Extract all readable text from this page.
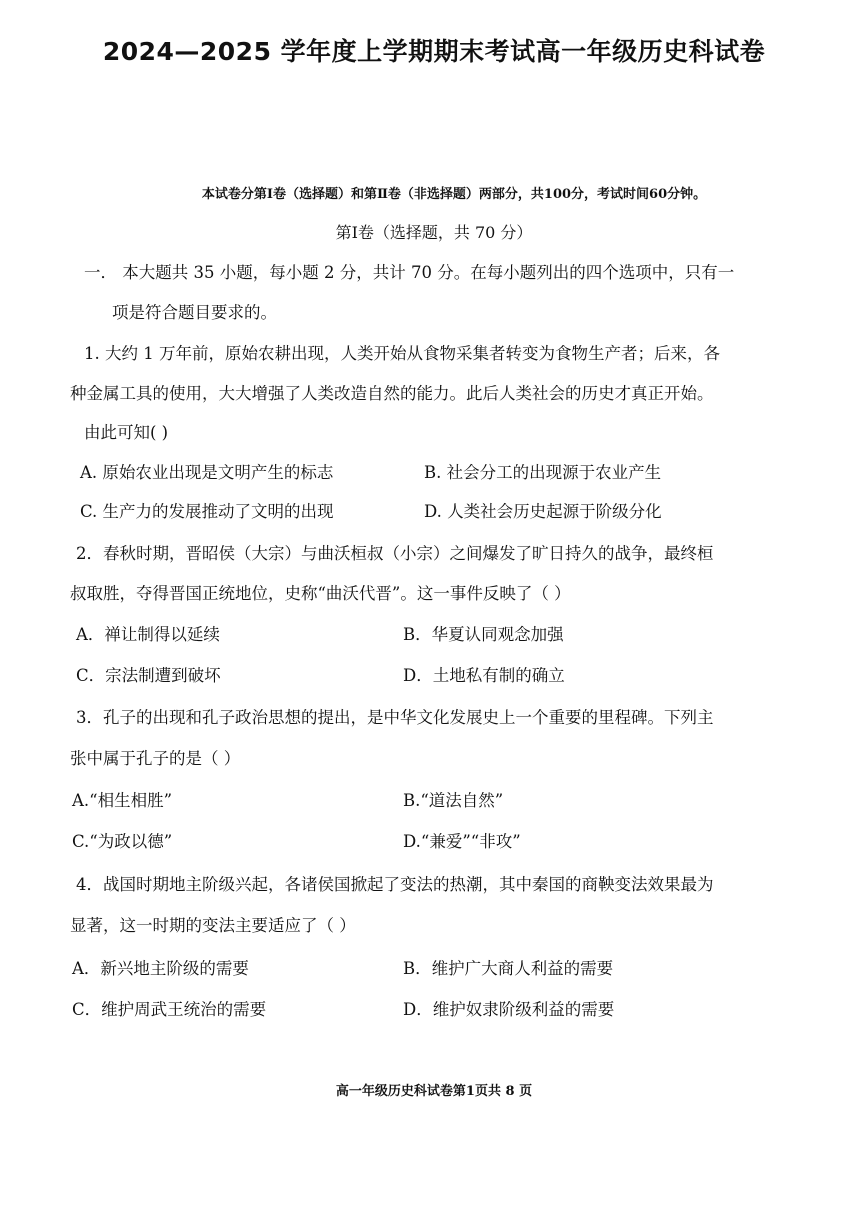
2024—2025 学年度上学期期末考试高一年级历史科试卷
本试卷分第Ⅰ卷（选择题）和第Ⅱ卷（非选择题）两部分，共100分，考试时间60分钟。
第Ⅰ卷（选择题，共 70 分）
一． 本大题共 35 小题，每小题 2 分，共计 70 分。在每小题列出的四个选项中，只有一
项是符合题目要求的。
1. 大约 1 万年前，原始农耕出现，人类开始从食物采集者转变为食物生产者；后来，各
种金属工具的使用，大大增强了人类改造自然的能力。此后人类社会的历史才真正开始。
由此可知( )
A. 原始农业出现是文明产生的标志	B. 社会分工的出现源于农业产生
C. 生产力的发展推动了文明的出现	D. 人类社会历史起源于阶级分化
2．春秋时期，晋昭侯（大宗）与曲沃桓叔（小宗）之间爆发了旷日持久的战争，最终桓
叔取胜，夺得晋国正统地位，史称“曲沃代晋”。这一事件反映了（ ）
A．禅让制得以延续	B．华夏认同观念加强
C．宗法制遭到破坏	D．土地私有制的确立
3．孔子的出现和孔子政治思想的提出，是中华文化发展史上一个重要的里程碑。下列主
张中属于孔子的是（ ）
A.“相生相胜”	B.“道法自然”
C.“为政以德”	D.“兼爱”“非攻”
4．战国时期地主阶级兴起，各诸侯国掀起了变法的热潮，其中秦国的商鞅变法效果最为
显著，这一时期的变法主要适应了（ ）
A．新兴地主阶级的需要	B．维护广大商人利益的需要
C．维护周武王统治的需要	D．维护奴隶阶级利益的需要
高一年级历史科试卷第1页共 8 页
